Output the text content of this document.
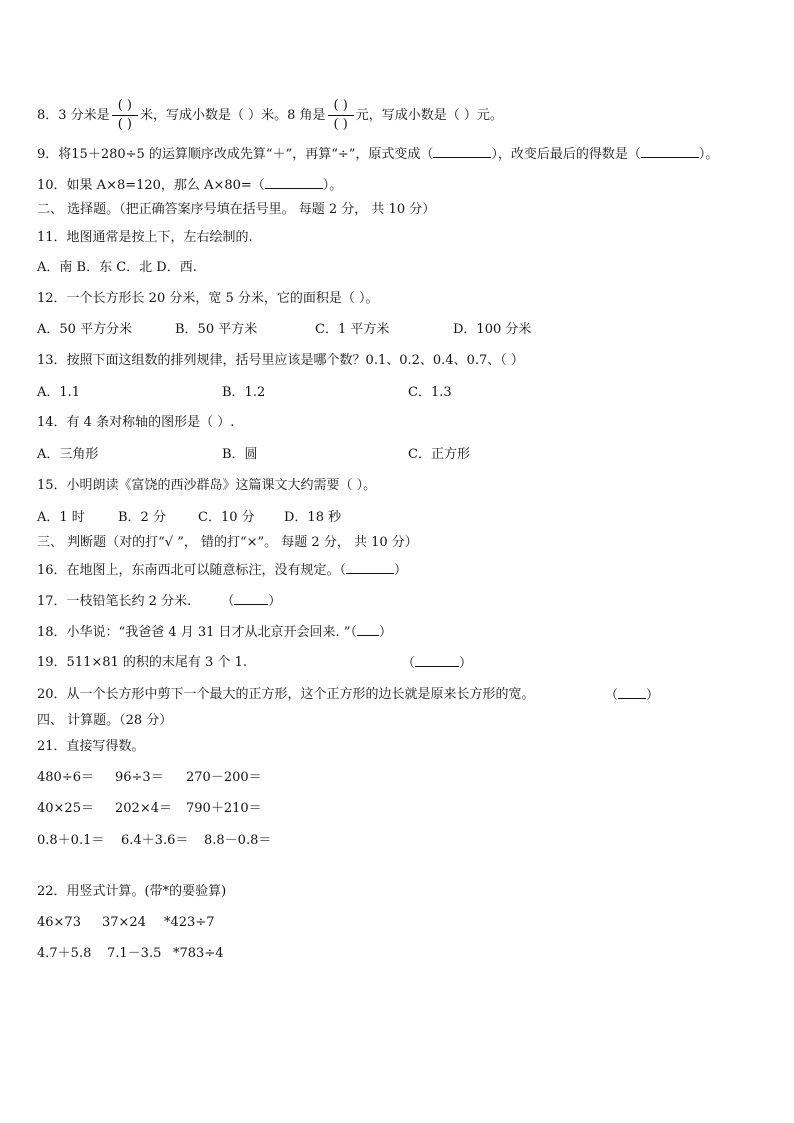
8．3 分米是 $\frac{( )}{( )}$ 米，写成小数是（ ）米。8 角是 $\frac{( )}{( )}$ 元，写成小数是（ ）元。
9．将15＋280÷5 的运算顺序改成先算“＋”，再算“÷”，原式变成（	），改变后最后的得数是（	）。
10．如果 A×8=120，那么 A×80=（	）。
二、 选择题。（把正确答案序号填在括号里。 每题 2 分， 共 10 分）
11．地图通常是按上下，左右绘制的.
A．南 B．东 C．北 D．西.
12．一个长方形长 20 分米，宽 5 分米，它的面积是（ ）。
A．50 平方分米	B．50 平方米	C．1 平方米	D．100 分米
13．按照下面这组数的排列规律，括号里应该是哪个数？0.1、0.2、0.4、0.7、（ ）
A．1.1	B．1.2	C．1.3
14．有 4 条对称轴的图形是（ ）.
A．三角形	B．圆	C．正方形
15．小明朗读《富饶的西沙群岛》这篇课文大约需要（ ）。
A．1 时	B．2 分 C．10 分 D．18 秒
三、 判断题（对的打“√ ”， 错的打“×”。 每题 2 分， 共 10 分）
16．在地图上，东南西北可以随意标注，没有规定。（	）
17．一枝铅笔长约 2 分米. （	）
18．小华说：“我爸爸 4 月 31 日才从北京开会回来. ”（ ）
19．511×81 的积的末尾有 3 个 1.	（	）
20．从一个长方形中剪下一个最大的正方形，这个正方形的边长就是原来长方形的宽。	（ ）
四、 计算题。（28 分）
21．直接写得数。
480÷6＝ 96÷3＝ 270－200＝
40×25＝ 202×4＝ 790＋210＝
0.8＋0.1＝ 6.4＋3.6＝ 8.8－0.8＝
22．用竖式计算。(带*的要验算)
46×73 37×24 *423÷7
4.7＋5.8 7.1－3.5 *783÷4
